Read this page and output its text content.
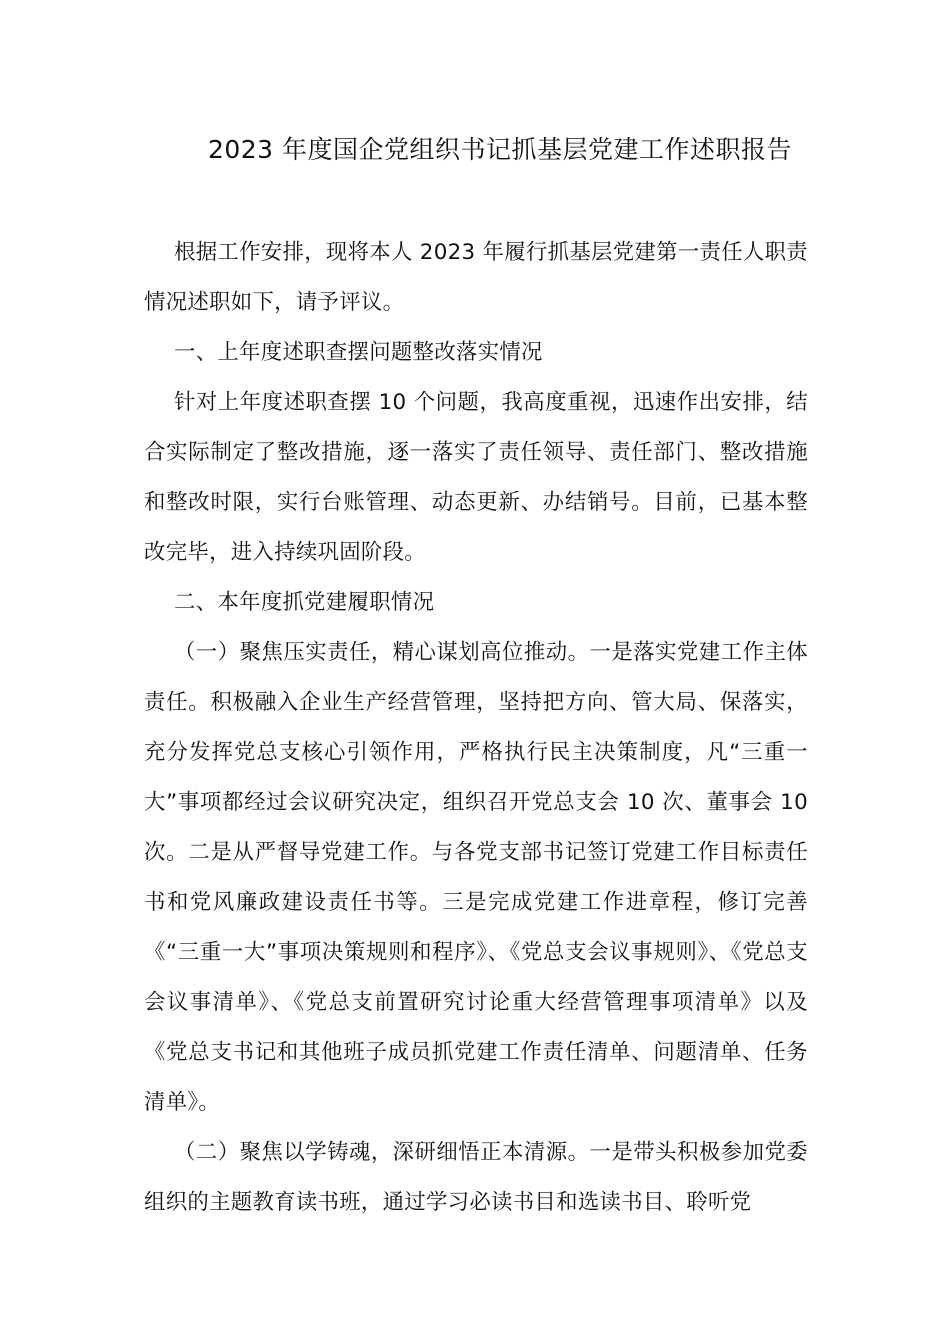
2023 年度国企党组织书记抓基层党建工作述职报告

根据工作安排，现将本人 2023 年履行抓基层党建第一责任人职责情况述职如下，请予评议。

一、上年度述职查摆问题整改落实情况

针对上年度述职查摆 10 个问题，我高度重视，迅速作出安排，结合实际制定了整改措施，逐一落实了责任领导、责任部门、整改措施和整改时限，实行台账管理、动态更新、办结销号。目前，已基本整改完毕，进入持续巩固阶段。

二、本年度抓党建履职情况

（一）聚焦压实责任，精心谋划高位推动。一是落实党建工作主体责任。积极融入企业生产经营管理，坚持把方向、管大局、保落实，充分发挥党总支核心引领作用，严格执行民主决策制度，凡“三重一大”事项都经过会议研究决定，组织召开党总支会 10 次、董事会 10 次。二是从严督导党建工作。与各党支部书记签订党建工作目标责任书和党风廉政建设责任书等。三是完成党建工作进章程，修订完善《“三重一大”事项决策规则和程序》、《党总支会议事规则》、《党总支会议事清单》、《党总支前置研究讨论重大经营管理事项清单》以及《党总支书记和其他班子成员抓党建工作责任清单、问题清单、任务清单》。

（二）聚焦以学铸魂，深研细悟正本清源。一是带头积极参加党委组织的主题教育读书班，通过学习必读书目和选读书目、聆听党
